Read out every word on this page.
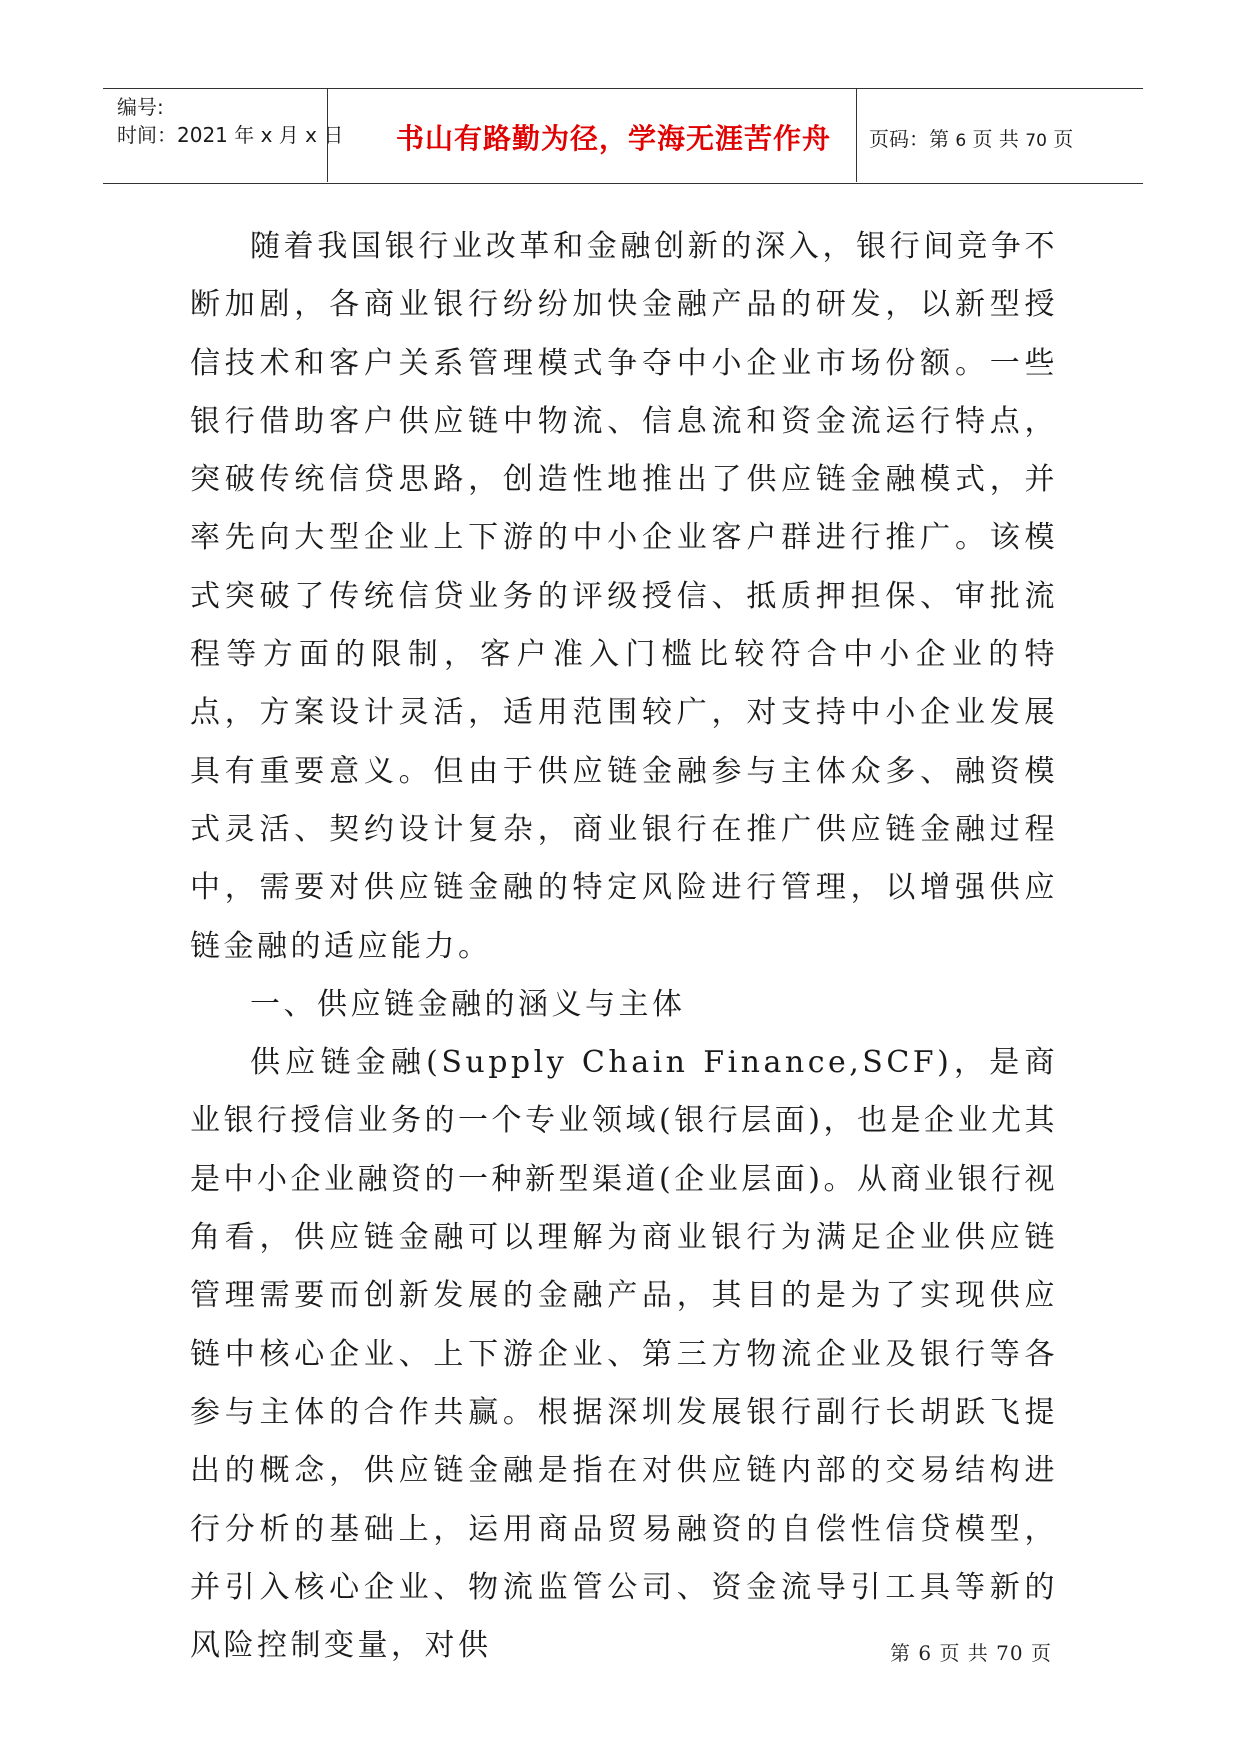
编号:
时间：2021 年 x 月 x 日	书山有路勤为径，学海无涯苦作舟	页码：第 6 页 共 70 页

随着我国银行业改革和金融创新的深入，银行间竞争不断加剧，各商业银行纷纷加快金融产品的研发，以新型授信技术和客户关系管理模式争夺中小企业市场份额。一些银行借助客户供应链中物流、信息流和资金流运行特点，突破传统信贷思路，创造性地推出了供应链金融模式，并率先向大型企业上下游的中小企业客户群进行推广。该模式突破了传统信贷业务的评级授信、抵质押担保、审批流程等方面的限制，客户准入门槛比较符合中小企业的特点，方案设计灵活，适用范围较广，对支持中小企业发展具有重要意义。但由于供应链金融参与主体众多、融资模式灵活、契约设计复杂，商业银行在推广供应链金融过程中，需要对供应链金融的特定风险进行管理，以增强供应链金融的适应能力。

一、供应链金融的涵义与主体

供应链金融(Supply Chain Finance,SCF)，是商业银行授信业务的一个专业领域(银行层面)，也是企业尤其是中小企业融资的一种新型渠道(企业层面)。从商业银行视角看，供应链金融可以理解为商业银行为满足企业供应链管理需要而创新发展的金融产品，其目的是为了实现供应链中核心企业、上下游企业、第三方物流企业及银行等各参与主体的合作共赢。根据深圳发展银行副行长胡跃飞提出的概念，供应链金融是指在对供应链内部的交易结构进行分析的基础上，运用商品贸易融资的自偿性信贷模型，并引入核心企业、物流监管公司、资金流导引工具等新的风险控制变量，对供	第 6 页 共 70 页
